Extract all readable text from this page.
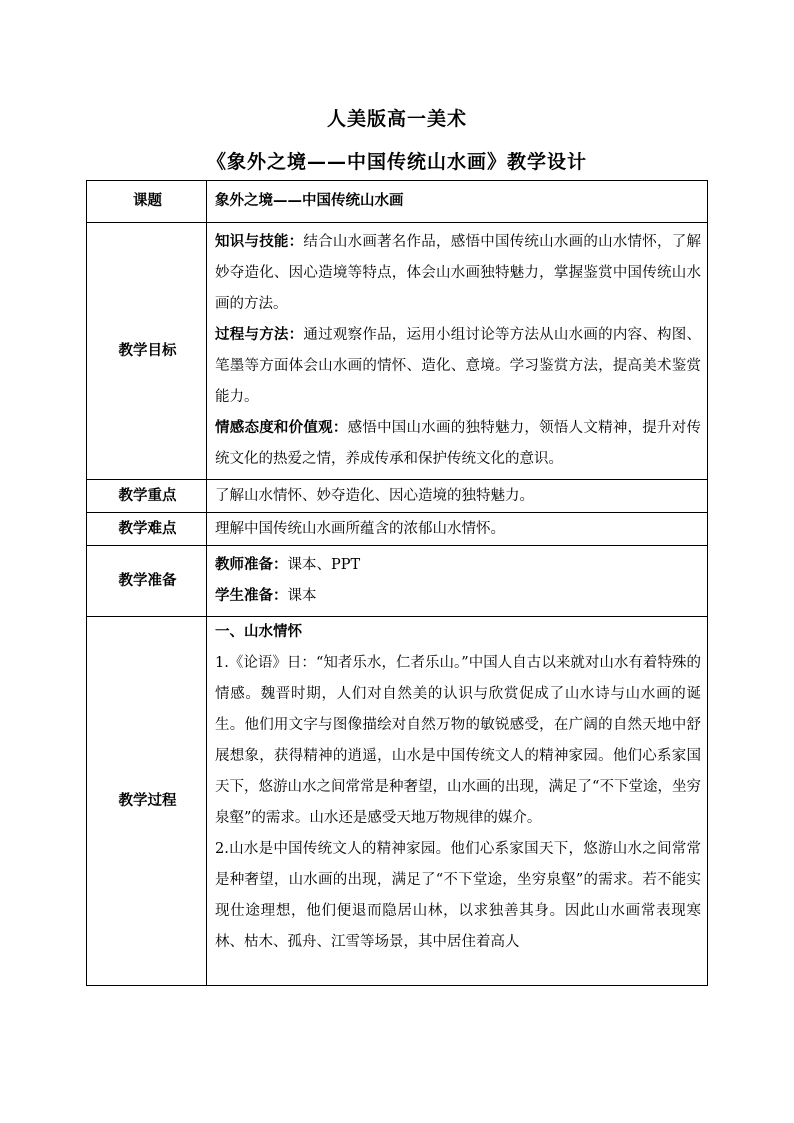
人美版高一美术
《象外之境——中国传统山水画》教学设计
课题	象外之境——中国传统山水画
教学目标	知识与技能：结合山水画著名作品，感悟中国传统山水画的山水情怀，了解妙夺造化、因心造境等特点，体会山水画独特魅力，掌握鉴赏中国传统山水画的方法。

过程与方法：通过观察作品，运用小组讨论等方法从山水画的内容、构图、笔墨等方面体会山水画的情怀、造化、意境。学习鉴赏方法，提高美术鉴赏能力。

情感态度和价值观：感悟中国山水画的独特魅力，领悟人文精神，提升对传统文化的热爱之情，养成传承和保护传统文化的意识。

教学重点	了解山水情怀、妙夺造化、因心造境的独特魅力。
教学难点	理解中国传统山水画所蕴含的浓郁山水情怀。
教学准备	教师准备：课本、PPT

学生准备：课本

教学过程	一、山水情怀

1.《论语》日：“知者乐水，仁者乐山。”中国人自古以来就对山水有着特殊的情感。魏晋时期，人们对自然美的认识与欣赏促成了山水诗与山水画的诞生。他们用文字与图像描绘对自然万物的敏锐感受，在广阔的自然天地中舒展想象，获得精神的逍遥，山水是中国传统文人的精神家园。他们心系家国天下，悠游山水之间常常是种奢望，山水画的出现，满足了“不下堂途，坐穷泉壑”的需求。山水还是感受天地万物规律的媒介。

2.山水是中国传统文人的精神家园。他们心系家国天下，悠游山水之间常常是种奢望，山水画的出现，满足了“不下堂途，坐穷泉壑”的需求。若不能实现仕途理想，他们便退而隐居山林，以求独善其身。因此山水画常表现寒林、枯木、孤舟、江雪等场景，其中居住着高人
